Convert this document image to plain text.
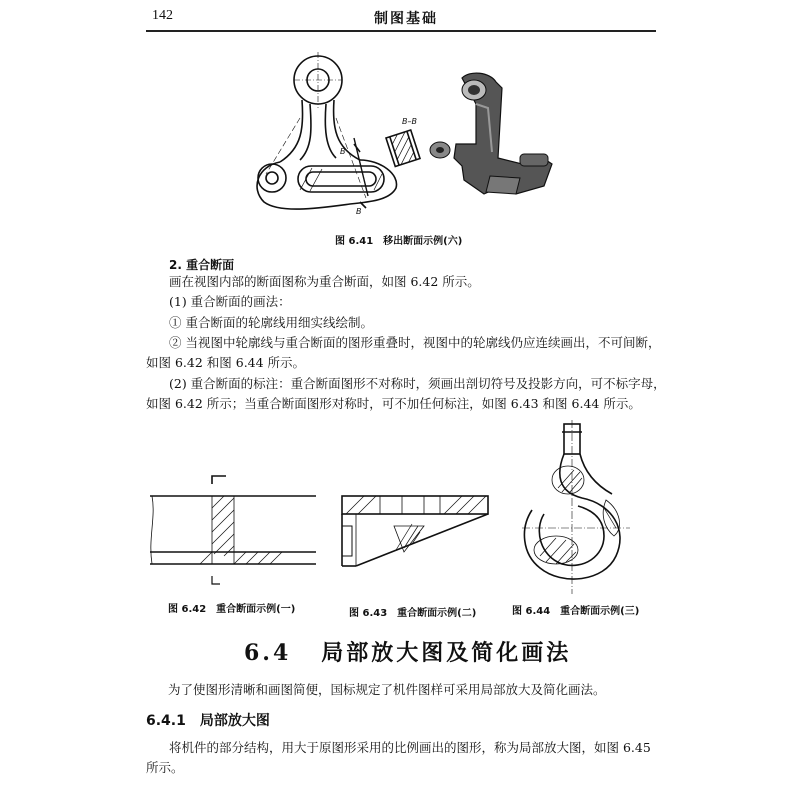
142	制图基础
B–B
B
B
图 6.41　移出断面示例(六)
2. 重合断面
画在视图内部的断面图称为重合断面，如图 6.42 所示。
(1) 重合断面的画法：
① 重合断面的轮廓线用细实线绘制。
② 当视图中轮廓线与重合断面的图形重叠时，视图中的轮廓线仍应连续画出，不可间断，
如图 6.42 和图 6.44 所示。
(2) 重合断面的标注：重合断面图形不对称时，须画出剖切符号及投影方向，可不标字母，
如图 6.42 所示；当重合断面图形对称时，可不加任何标注，如图 6.43 和图 6.44 所示。
图 6.42　重合断面示例(一)	图 6.43　重合断面示例(二)	图 6.44　重合断面示例(三)
6.4 局部放大图及简化画法
为了使图形清晰和画图简便，国标规定了机件图样可采用局部放大及简化画法。
6.4.1 局部放大图
将机件的部分结构，用大于原图形采用的比例画出的图形，称为局部放大图，如图 6.45
所示。
